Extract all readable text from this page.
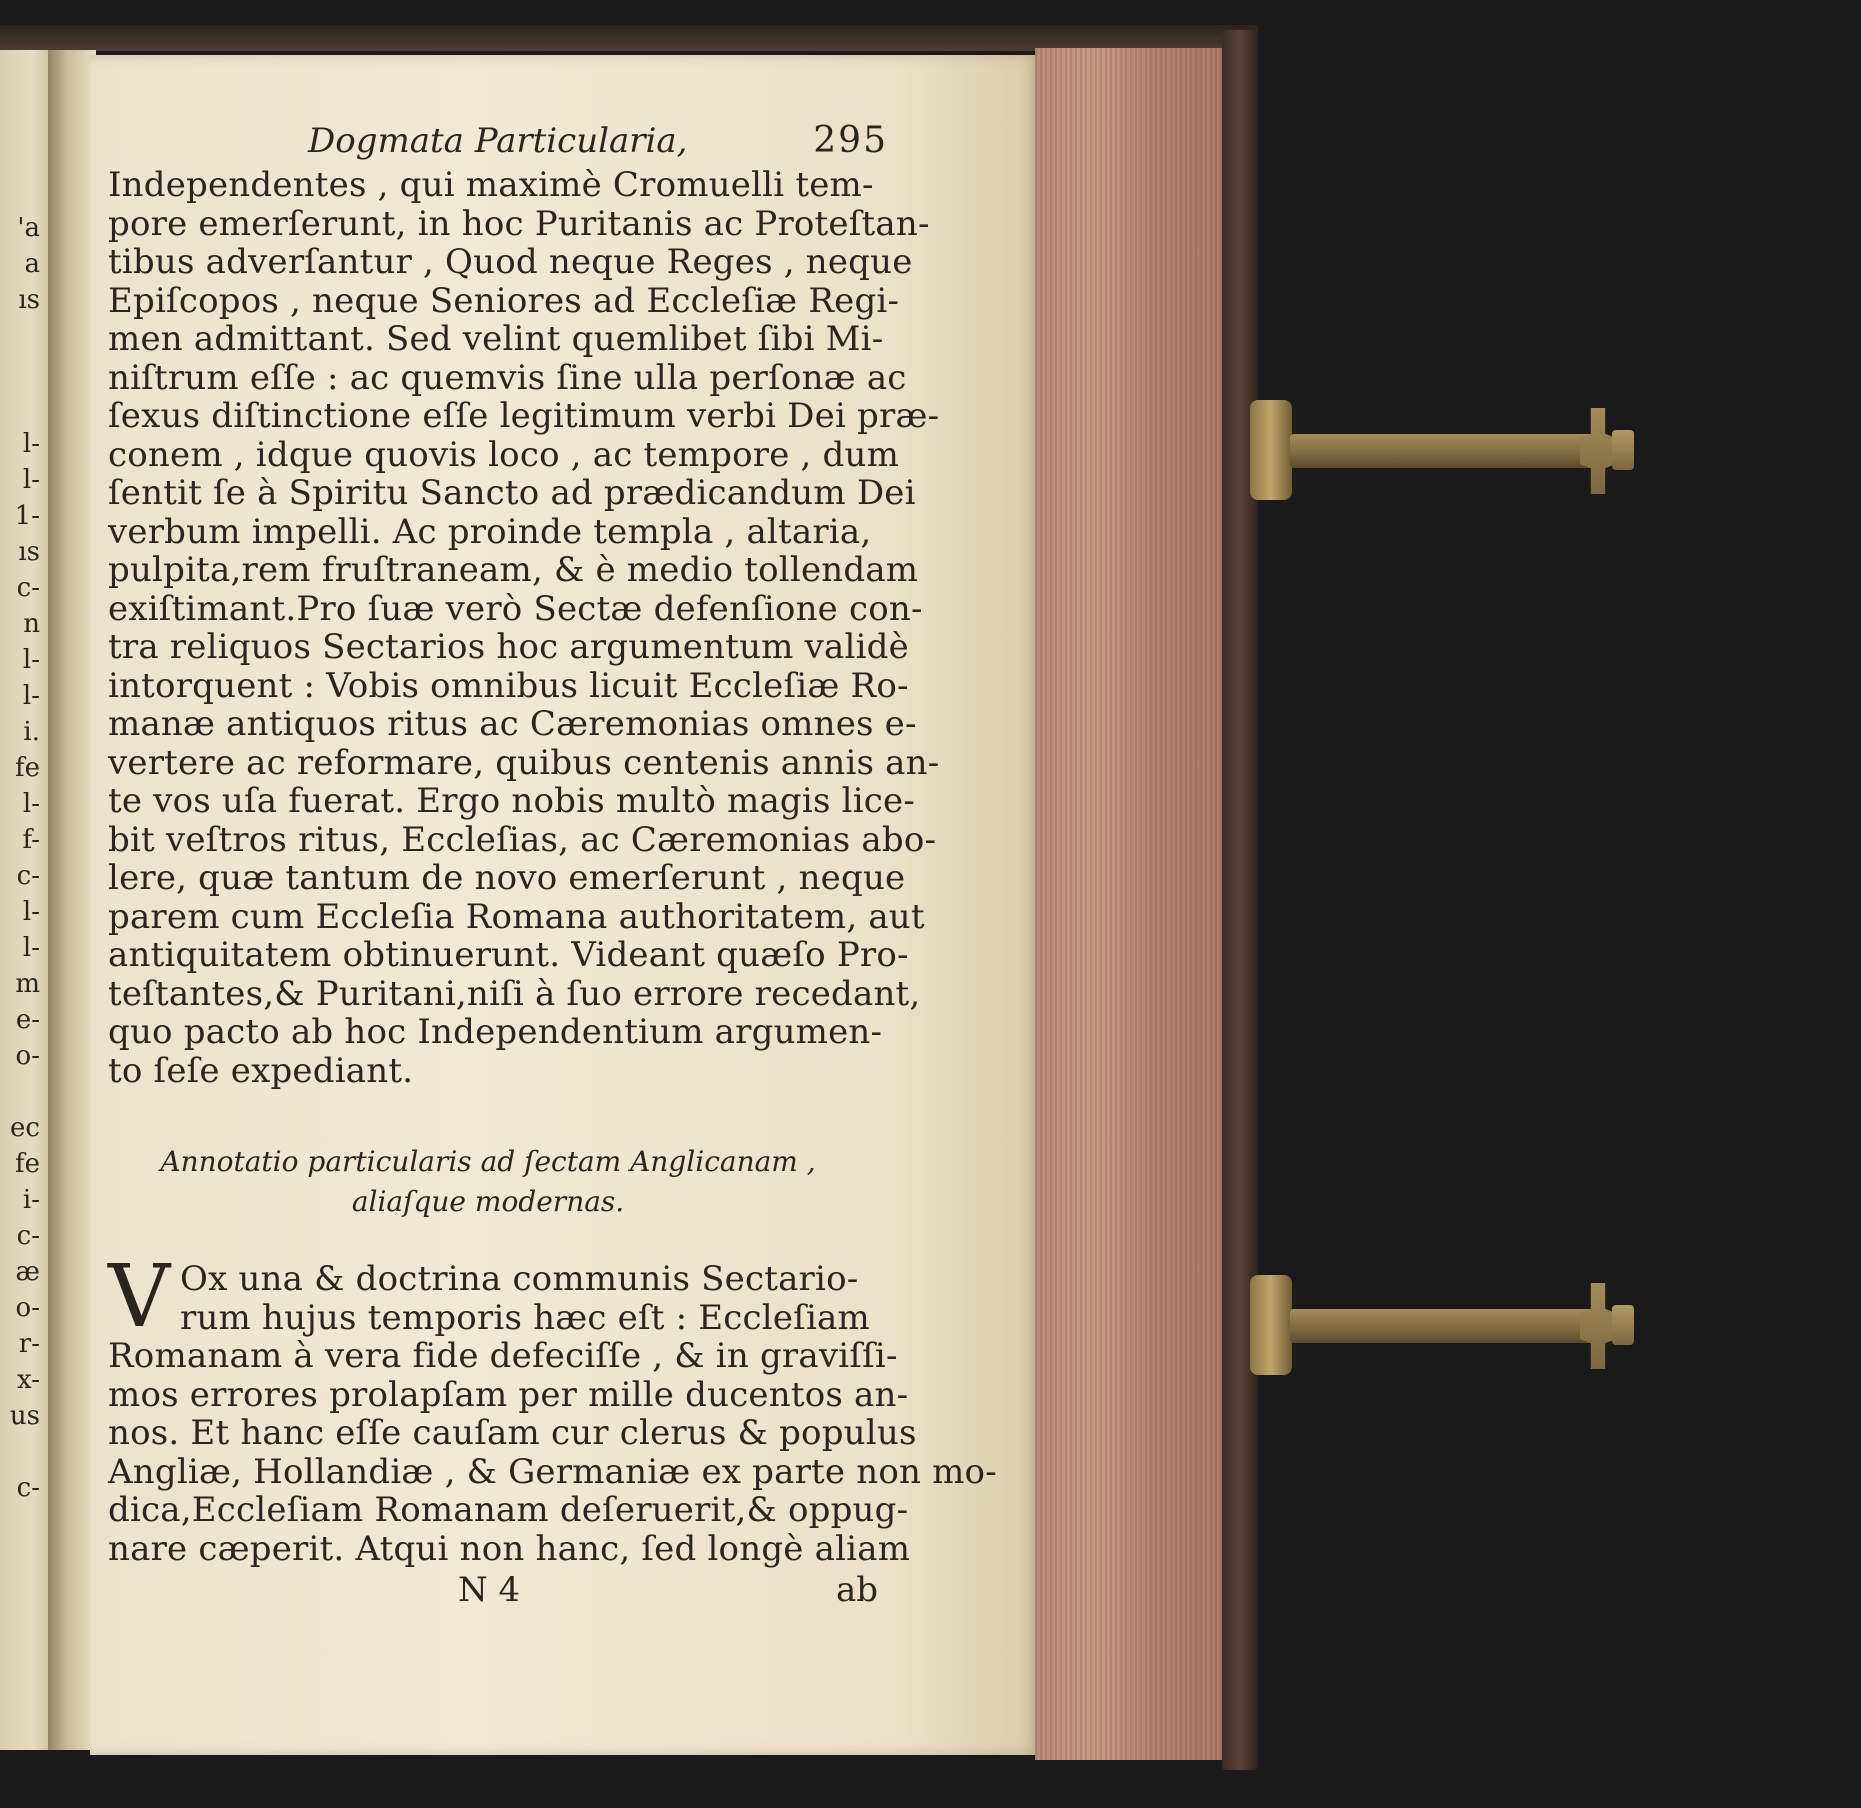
'a
a
ıs
l-
l-
1-
ıs
c-
n
l-
l-
i.
fe
l-
f-
c-
l-
l-
m
e-
o-
ec
fe
i-
c-
æ
o-
r-
x-
us
c-
Dogmata Particularia,	295
Independentes , qui maximè Cromuelli tem-
pore emerſerunt, in hoc Puritanis ac Proteſtan-
tibus adverſantur , Quod neque Reges , neque
Epiſcopos , neque Seniores ad Eccleſiæ Regi-
men admittant. Sed velint quemlibet ſibi Mi-
niſtrum eſſe : ac quemvis ſine ulla perſonæ ac
ſexus diſtinctione eſſe legitimum verbi Dei præ-
conem , idque quovis loco , ac tempore , dum
ſentit ſe à Spiritu Sancto ad prædicandum Dei
verbum impelli. Ac proinde templa , altaria,
pulpita,rem fruſtraneam, & è medio tollendam
exiſtimant.Pro ſuæ verò Sectæ defenſione con-
tra reliquos Sectarios hoc argumentum validè
intorquent : Vobis omnibus licuit Eccleſiæ Ro-
manæ antiquos ritus ac Cæremonias omnes e-
vertere ac reformare, quibus centenis annis an-
te vos uſa fuerat. Ergo nobis multò magis lice-
bit veſtros ritus, Eccleſias, ac Cæremonias abo-
lere, quæ tantum de novo emerſerunt , neque
parem cum Eccleſia Romana authoritatem, aut
antiquitatem obtinuerunt. Videant quæſo Pro-
teſtantes,& Puritani,niſi à ſuo errore recedant,
quo pacto ab hoc Independentium argumen-
to ſeſe expediant.
Annotatio particularis ad ſectam Anglicanam ,
aliaſque modernas.
V Ox una & doctrina communis Sectario-
rum hujus temporis hæc eſt : Eccleſiam
Romanam à vera fide defeciſſe , & in graviſſi-
mos errores prolapſam per mille ducentos an-
nos. Et hanc eſſe cauſam cur clerus & populus
Angliæ, Hollandiæ , & Germaniæ ex parte non mo-
dica,Eccleſiam Romanam deſeruerit,& oppug-
nare cæperit. Atqui non hanc, ſed longè aliam
N 4	ab
